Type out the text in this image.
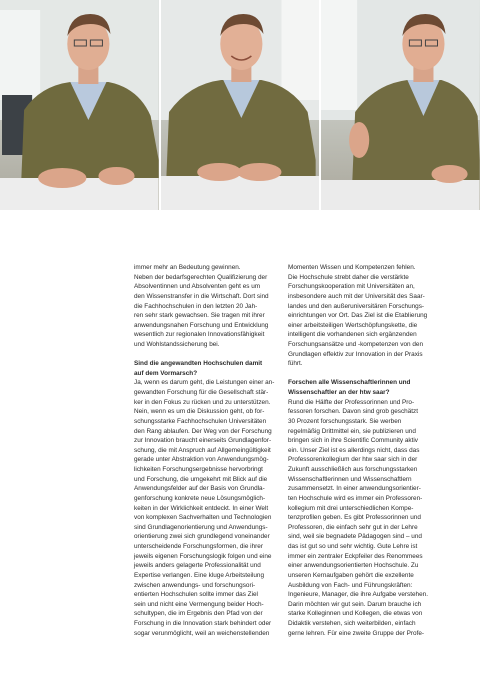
immer mehr an Bedeutung gewinnen.
Neben der bedarfsgerechten Qualifizierung der
Absolventinnen und Absolventen geht es um
den Wissenstransfer in die Wirtschaft. Dort sind
die Fachhochschulen in den letzten 20 Jah-
ren sehr stark gewachsen. Sie tragen mit ihrer
anwendungsnahen Forschung und Entwicklung
wesentlich zur regionalen Innovationsfähigkeit
und Wohlstandssicherung bei.

Sind die angewandten Hochschulen damit
auf dem Vormarsch?

Ja, wenn es darum geht, die Leistungen einer an-
gewandten Forschung für die Gesellschaft stär-
ker in den Fokus zu rücken und zu unterstützen.
Nein, wenn es um die Diskussion geht, ob for-
schungsstarke Fachhochschulen Universitäten
den Rang ablaufen. Der Weg von der Forschung
zur Innovation braucht einerseits Grundlagenfor-
schung, die mit Anspruch auf Allgemeingültigkeit
gerade unter Abstraktion von Anwendungsmög-
lichkeiten Forschungsergebnisse hervorbringt
und Forschung, die umgekehrt mit Blick auf die
Anwendungsfelder auf der Basis von Grundla-
genforschung konkrete neue Lösungsmöglich-
keiten in der Wirklichkeit entdeckt. In einer Welt
von komplexen Sachverhalten und Technologien
sind Grundlagenorientierung und Anwendungs-
orientierung zwei sich grundlegend voneinander
unterscheidende Forschungsformen, die ihrer
jeweils eigenen Forschungslogik folgen und eine
jeweils anders gelagerte Professionalität und
Expertise verlangen. Eine kluge Arbeitsteilung
zwischen anwendungs- und forschungsori-
entierten Hochschulen sollte immer das Ziel
sein und nicht eine Vermengung beider Hoch-
schultypen, die im Ergebnis den Pfad von der
Forschung in die Innovation stark behindert oder
sogar verunmöglicht, weil an weichenstellenden

Momenten Wissen und Kompetenzen fehlen.
Die Hochschule strebt daher die verstärkte
Forschungskooperation mit Universitäten an,
insbesondere auch mit der Universität des Saar-
landes und den außeruniversitären Forschungs-
einrichtungen vor Ort. Das Ziel ist die Etablierung
einer arbeitsteiligen Wertschöpfungskette, die
intelligent die vorhandenen sich ergänzenden
Forschungsansätze und -kompetenzen von den
Grundlagen effektiv zur Innovation in der Praxis
führt.

Forschen alle Wissenschaftlerinnen und
Wissenschaftler an der htw saar?

Rund die Hälfte der Professorinnen und Pro-
fessoren forschen. Davon sind grob geschätzt
30 Prozent forschungsstark. Sie werben
regelmäßig Drittmittel ein, sie publizieren und
bringen sich in ihre Scientific Community aktiv
ein. Unser Ziel ist es allerdings nicht, dass das
Professorenkollegium der htw saar sich in der
Zukunft ausschließlich aus forschungsstarken
Wissenschaftlerinnen und Wissenschaftlern
zusammensetzt. In einer anwendungsorientier-
ten Hochschule wird es immer ein Professoren-
kollegium mit drei unterschiedlichen Kompe-
tenzprofilen geben. Es gibt Professorinnen und
Professoren, die einfach sehr gut in der Lehre
sind, weil sie begnadete Pädagogen sind – und
das ist gut so und sehr wichtig. Gute Lehre ist
immer ein zentraler Eckpfeiler des Renommees
einer anwendungsorientierten Hochschule. Zu
unseren Kernaufgaben gehört die exzellente
Ausbildung von Fach- und Führungskräften:
Ingenieure, Manager, die ihre Aufgabe verstehen.
Darin möchten wir gut sein. Darum brauche ich
starke Kolleginnen und Kollegen, die etwas von
Didaktik verstehen, sich weiterbilden, einfach
gerne lehren. Für eine zweite Gruppe der Profe-
